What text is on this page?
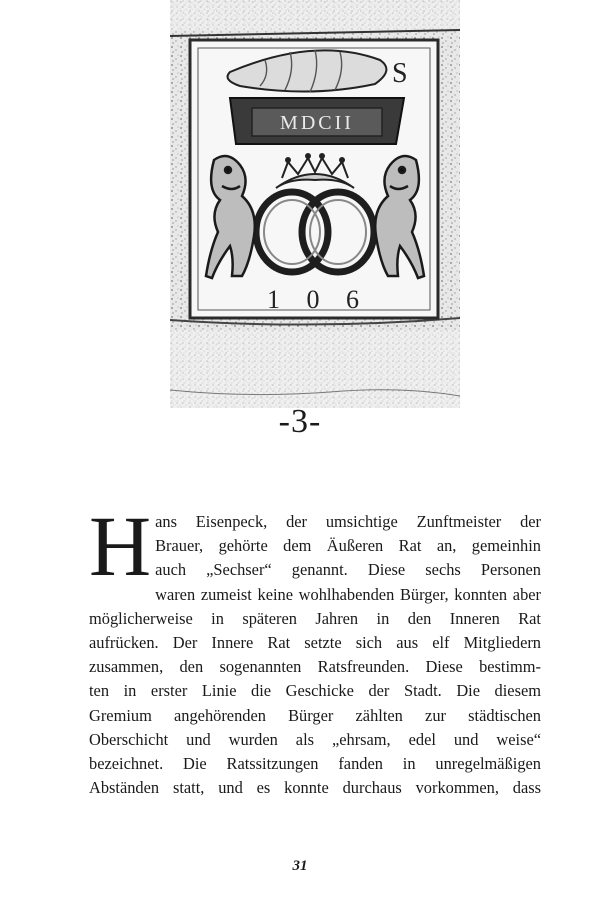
S
MDCII
1 0 6
-3-
H ans Eisenpeck, der umsichtige Zunftmeister der
Brauer, gehörte dem Äußeren Rat an, gemeinhin
auch „Sechser“ genannt. Diese sechs Personen
waren zumeist keine wohlhabenden Bürger, konnten aber
möglicherweise in späteren Jahren in den Inneren Rat
aufrücken. Der Innere Rat setzte sich aus elf Mitgliedern
zusammen, den sogenannten Ratsfreunden. Diese bestimm-
ten in erster Linie die Geschicke der Stadt. Die diesem
Gremium angehörenden Bürger zählten zur städtischen
Oberschicht und wurden als „ehrsam, edel und weise“
bezeichnet. Die Ratssitzungen fanden in unregelmäßigen
Abständen statt, und es konnte durchaus vorkommen, dass
31
